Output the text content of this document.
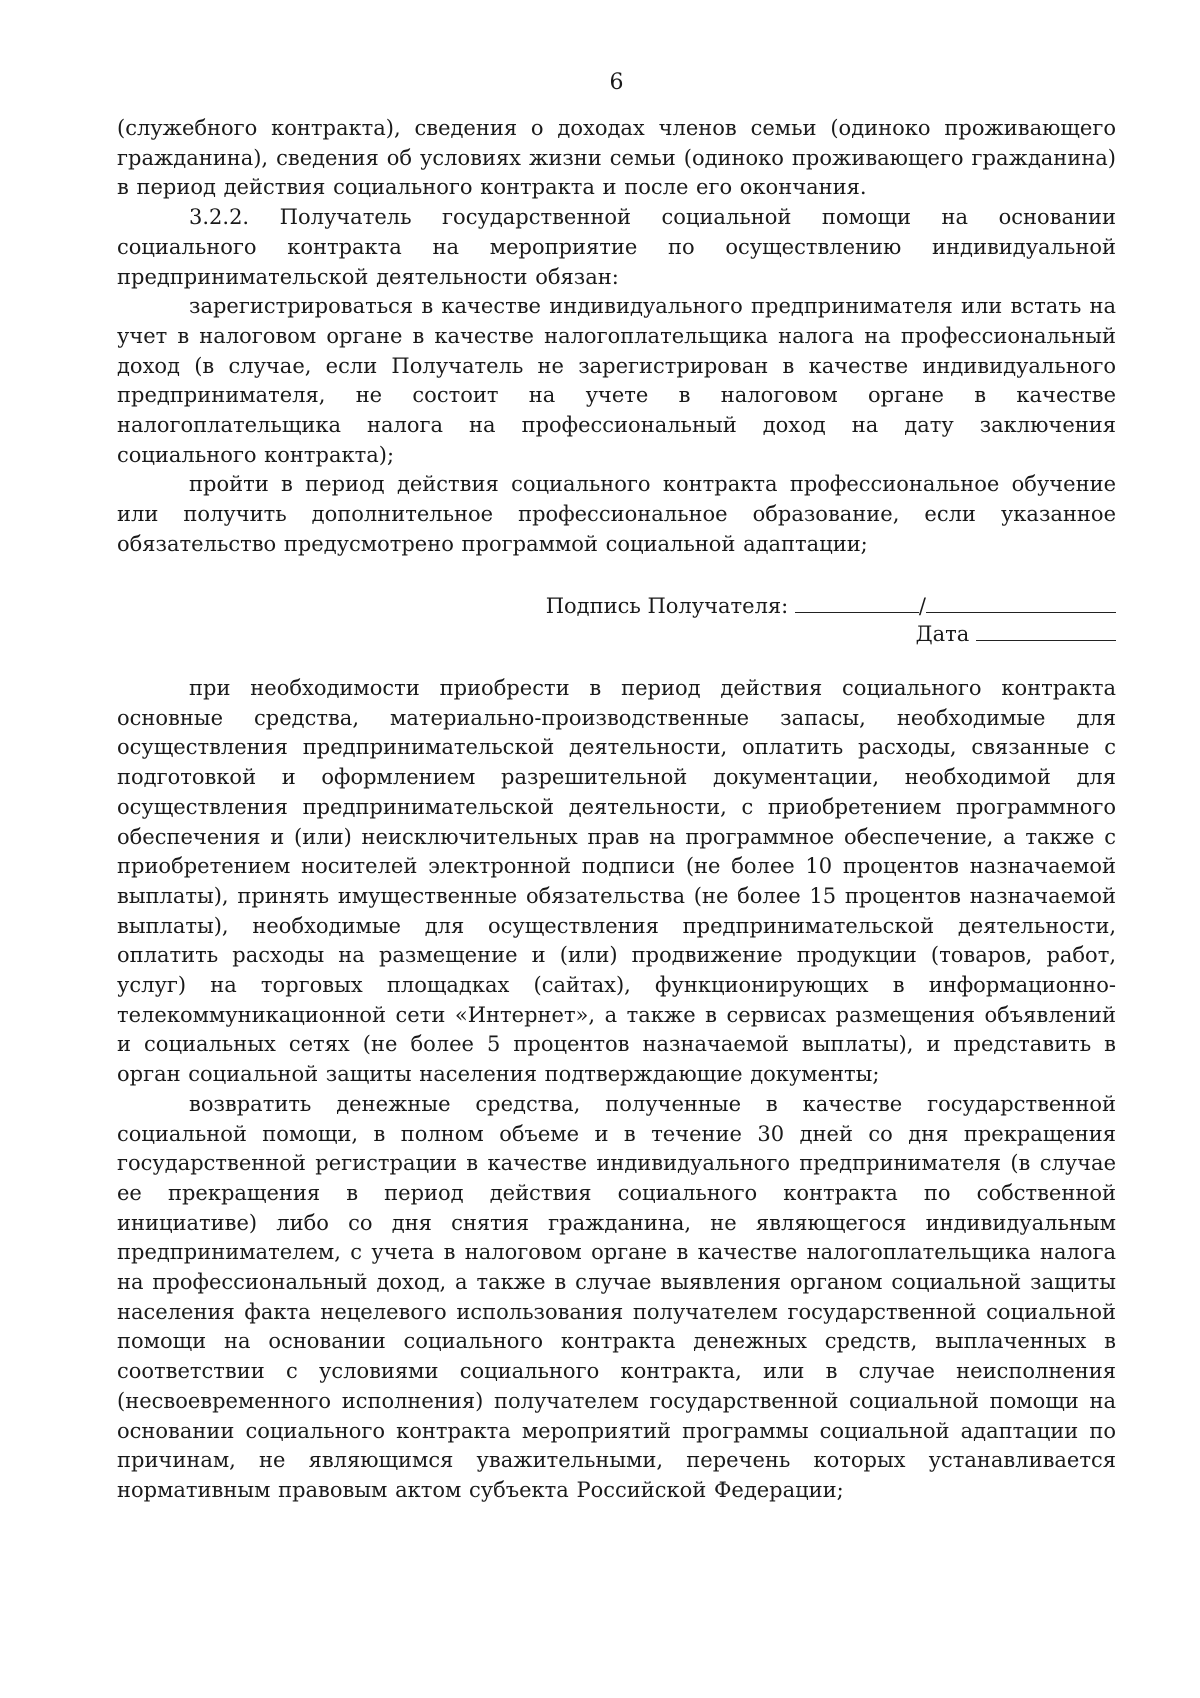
6

(служебного контракта), сведения о доходах членов семьи (одиноко проживающего гражданина), сведения об условиях жизни семьи (одиноко проживающего гражданина) в период действия социального контракта и после его окончания.

3.2.2. Получатель государственной социальной помощи на основании социального контракта на мероприятие по осуществлению индивидуальной предпринимательской деятельности обязан:

зарегистрироваться в качестве индивидуального предпринимателя или встать на учет в налоговом органе в качестве налогоплательщика налога на профессиональный доход (в случае, если Получатель не зарегистрирован в качестве индивидуального предпринимателя, не состоит на учете в налоговом органе в качестве налогоплательщика налога на профессиональный доход на дату заключения социального контракта);

пройти в период действия социального контракта профессиональное обучение или получить дополнительное профессиональное образование, если указанное обязательство предусмотрено программой социальной адаптации;

Подпись Получателя:	/
Дата

при необходимости приобрести в период действия социального контракта основные средства, материально-производственные запасы, необходимые для осуществления предпринимательской деятельности, оплатить расходы, связанные с подготовкой и оформлением разрешительной документации, необходимой для осуществления предпринимательской деятельности, с приобретением программного обеспечения и (или) неисключительных прав на программное обеспечение, а также с приобретением носителей электронной подписи (не более 10 процентов назначаемой выплаты), принять имущественные обязательства (не более 15 процентов назначаемой выплаты), необходимые для осуществления предпринимательской деятельности, оплатить расходы на размещение и (или) продвижение продукции (товаров, работ, услуг) на торговых площадках (сайтах), функционирующих в информационно-телекоммуникационной сети «Интернет», а также в сервисах размещения объявлений и социальных сетях (не более 5 процентов назначаемой выплаты), и представить в орган социальной защиты населения подтверждающие документы;

возвратить денежные средства, полученные в качестве государственной социальной помощи, в полном объеме и в течение 30 дней со дня прекращения государственной регистрации в качестве индивидуального предпринимателя (в случае ее прекращения в период действия социального контракта по собственной инициативе) либо со дня снятия гражданина, не являющегося индивидуальным предпринимателем, с учета в налоговом органе в качестве налогоплательщика налога на профессиональный доход, а также в случае выявления органом социальной защиты населения факта нецелевого использования получателем государственной социальной помощи на основании социального контракта денежных средств, выплаченных в соответствии с условиями социального контракта, или в случае неисполнения (несвоевременного исполнения) получателем государственной социальной помощи на основании социального контракта мероприятий программы социальной адаптации по причинам, не являющимся уважительными, перечень которых устанавливается нормативным правовым актом субъекта Российской Федерации;
